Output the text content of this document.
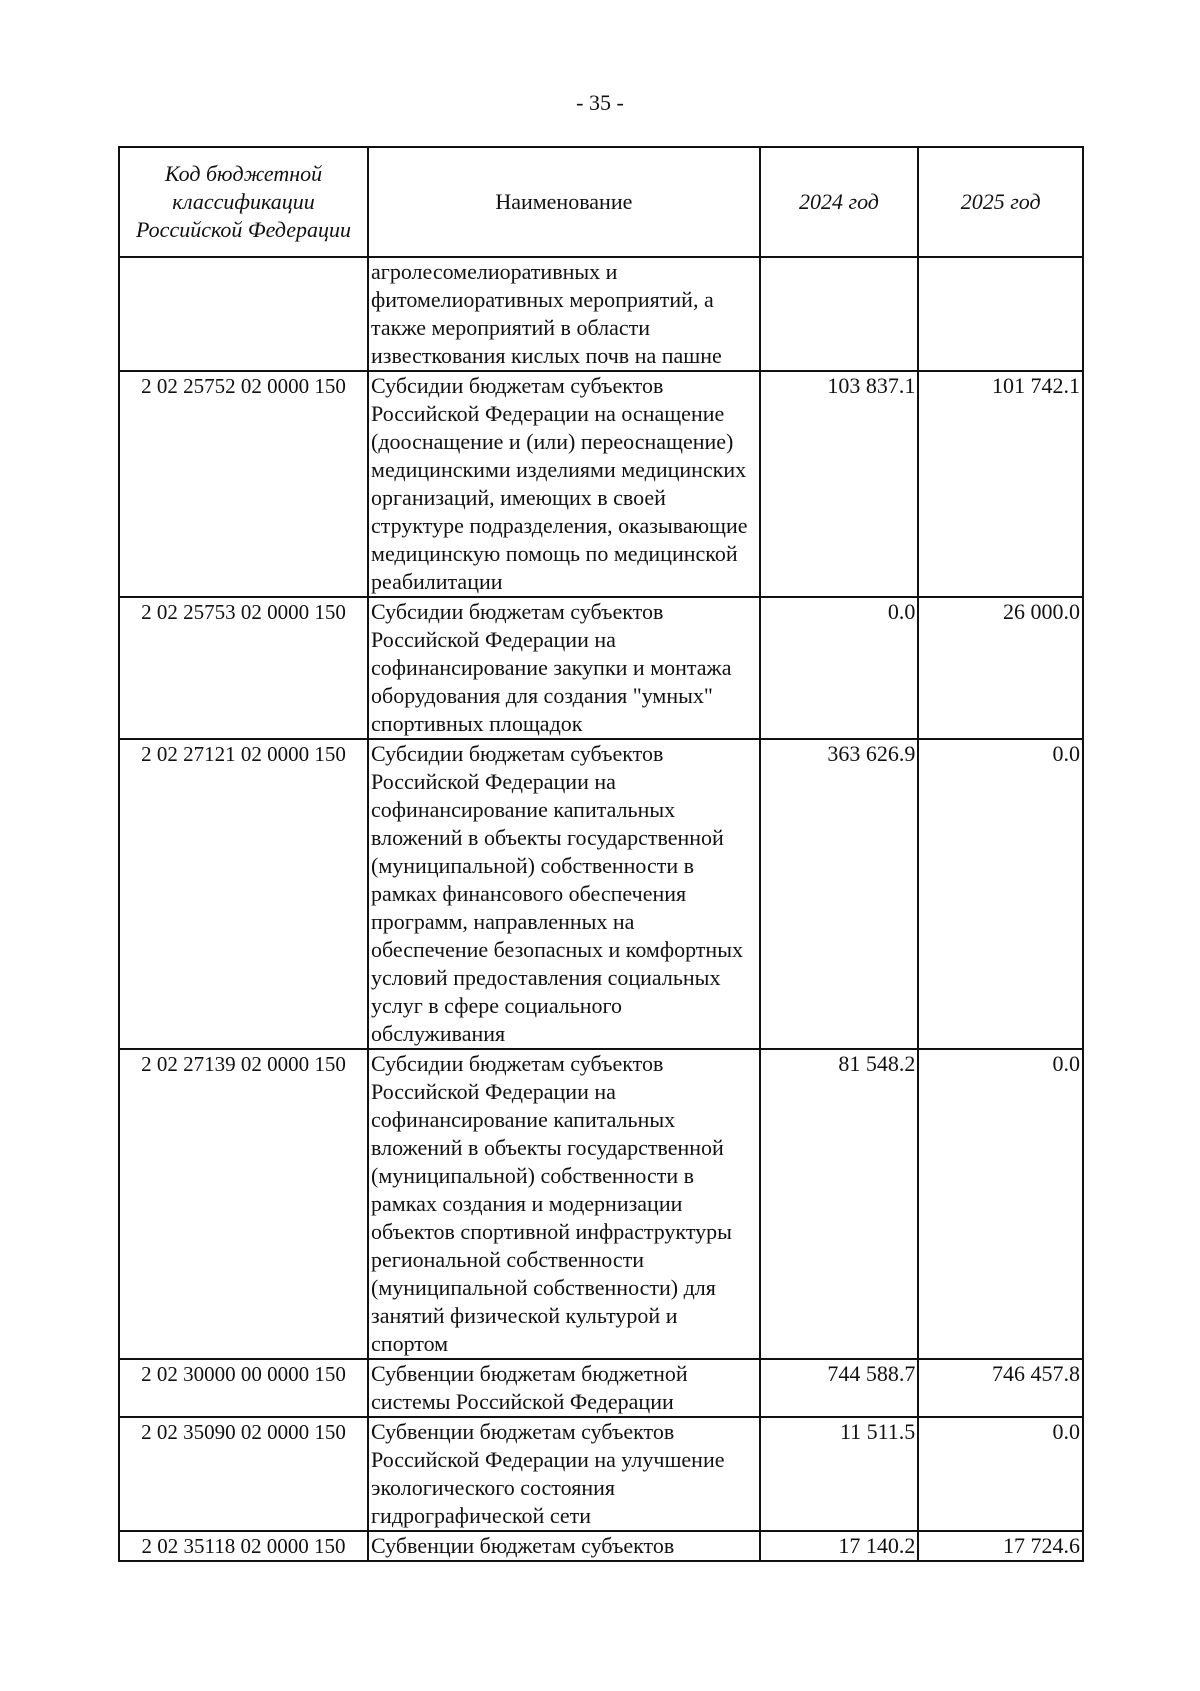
- 35 -
Код бюджетной классификации Российской Федерации	Наименование	2024 год	2025 год
	агролесомелиоративных и фитомелиоративных мероприятий, а также мероприятий в области известкования кислых почв на пашне		
2 02 25752 02 0000 150	Субсидии бюджетам субъектов Российской Федерации на оснащение (дооснащение и (или) переоснащение) медицинскими изделиями медицинских организаций, имеющих в своей структуре подразделения, оказывающие медицинскую помощь по медицинской реабилитации	103 837.1	101 742.1
2 02 25753 02 0000 150	Субсидии бюджетам субъектов Российской Федерации на софинансирование закупки и монтажа оборудования для создания "умных" спортивных площадок	0.0	26 000.0
2 02 27121 02 0000 150	Субсидии бюджетам субъектов Российской Федерации на софинансирование капитальных вложений в объекты государственной (муниципальной) собственности в рамках финансового обеспечения программ, направленных на обеспечение безопасных и комфортных условий предоставления социальных услуг в сфере социального обслуживания	363 626.9	0.0
2 02 27139 02 0000 150	Субсидии бюджетам субъектов Российской Федерации на софинансирование капитальных вложений в объекты государственной (муниципальной) собственности в рамках создания и модернизации объектов спортивной инфраструктуры региональной собственности (муниципальной собственности) для занятий физической культурой и спортом	81 548.2	0.0
2 02 30000 00 0000 150	Субвенции бюджетам бюджетной системы Российской Федерации	744 588.7	746 457.8
2 02 35090 02 0000 150	Субвенции бюджетам субъектов Российской Федерации на улучшение экологического состояния гидрографической сети	11 511.5	0.0
2 02 35118 02 0000 150	Субвенции бюджетам субъектов	17 140.2	17 724.6
